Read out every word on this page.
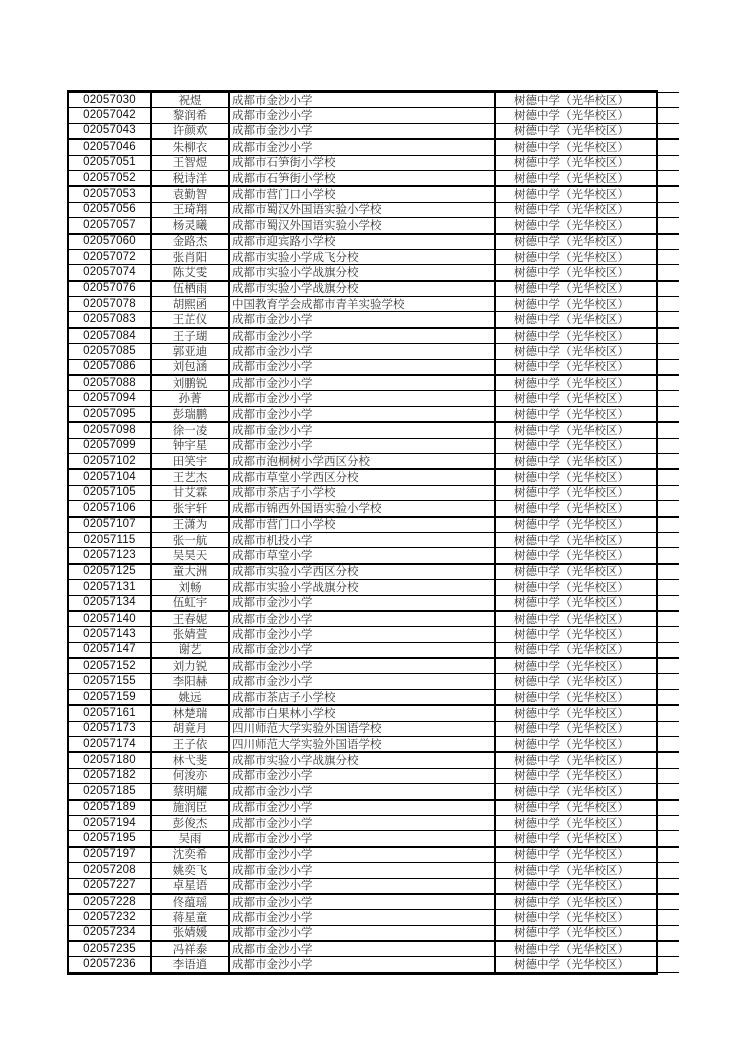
02057030	祝煜	成都市金沙小学	树德中学（光华校区）
02057042	黎润希	成都市金沙小学	树德中学（光华校区）
02057043	许颜欢	成都市金沙小学	树德中学（光华校区）
02057046	朱柳衣	成都市金沙小学	树德中学（光华校区）
02057051	王智煜	成都市石笋街小学校	树德中学（光华校区）
02057052	税诗洋	成都市石笋街小学校	树德中学（光华校区）
02057053	袁勤智	成都市营门口小学校	树德中学（光华校区）
02057056	王琦翔	成都市蜀汉外国语实验小学校	树德中学（光华校区）
02057057	杨灵曦	成都市蜀汉外国语实验小学校	树德中学（光华校区）
02057060	金路杰	成都市迎宾路小学校	树德中学（光华校区）
02057072	张肖阳	成都市实验小学成飞分校	树德中学（光华校区）
02057074	陈艾雯	成都市实验小学战旗分校	树德中学（光华校区）
02057076	伍栖雨	成都市实验小学战旗分校	树德中学（光华校区）
02057078	胡熙函	中国教育学会成都市青羊实验学校	树德中学（光华校区）
02057083	王芷仪	成都市金沙小学	树德中学（光华校区）
02057084	王子瑚	成都市金沙小学	树德中学（光华校区）
02057085	郭亚迪	成都市金沙小学	树德中学（光华校区）
02057086	刘包涵	成都市金沙小学	树德中学（光华校区）
02057088	刘鹏锐	成都市金沙小学	树德中学（光华校区）
02057094	孙菁	成都市金沙小学	树德中学（光华校区）
02057095	彭瑞鹏	成都市金沙小学	树德中学（光华校区）
02057098	徐一凌	成都市金沙小学	树德中学（光华校区）
02057099	钟宇星	成都市金沙小学	树德中学（光华校区）
02057102	田笑宇	成都市泡桐树小学西区分校	树德中学（光华校区）
02057104	王艺杰	成都市草堂小学西区分校	树德中学（光华校区）
02057105	甘艾霖	成都市茶店子小学校	树德中学（光华校区）
02057106	张宇轩	成都市锦西外国语实验小学校	树德中学（光华校区）
02057107	王潇为	成都市营门口小学校	树德中学（光华校区）
02057115	张一航	成都市机投小学	树德中学（光华校区）
02057123	吴昊天	成都市草堂小学	树德中学（光华校区）
02057125	童大洲	成都市实验小学西区分校	树德中学（光华校区）
02057131	刘畅	成都市实验小学战旗分校	树德中学（光华校区）
02057134	伍虹宇	成都市金沙小学	树德中学（光华校区）
02057140	王春妮	成都市金沙小学	树德中学（光华校区）
02057143	张婧萱	成都市金沙小学	树德中学（光华校区）
02057147	谢艺	成都市金沙小学	树德中学（光华校区）
02057152	刘力锐	成都市金沙小学	树德中学（光华校区）
02057155	李阳赫	成都市金沙小学	树德中学（光华校区）
02057159	姚远	成都市茶店子小学校	树德中学（光华校区）
02057161	林楚瑞	成都市白果林小学校	树德中学（光华校区）
02057173	胡竟月	四川师范大学实验外国语学校	树德中学（光华校区）
02057174	王子依	四川师范大学实验外国语学校	树德中学（光华校区）
02057180	林弋斐	成都市实验小学战旗分校	树德中学（光华校区）
02057182	何浚亦	成都市金沙小学	树德中学（光华校区）
02057185	蔡明耀	成都市金沙小学	树德中学（光华校区）
02057189	施润臣	成都市金沙小学	树德中学（光华校区）
02057194	彭俊杰	成都市金沙小学	树德中学（光华校区）
02057195	吴雨	成都市金沙小学	树德中学（光华校区）
02057197	沈奕希	成都市金沙小学	树德中学（光华校区）
02057208	姚奕飞	成都市金沙小学	树德中学（光华校区）
02057227	卓星语	成都市金沙小学	树德中学（光华校区）
02057228	佟蕴瑶	成都市金沙小学	树德中学（光华校区）
02057232	蒋星童	成都市金沙小学	树德中学（光华校区）
02057234	张婧媛	成都市金沙小学	树德中学（光华校区）
02057235	冯祥泰	成都市金沙小学	树德中学（光华校区）
02057236	李语逍	成都市金沙小学	树德中学（光华校区）
